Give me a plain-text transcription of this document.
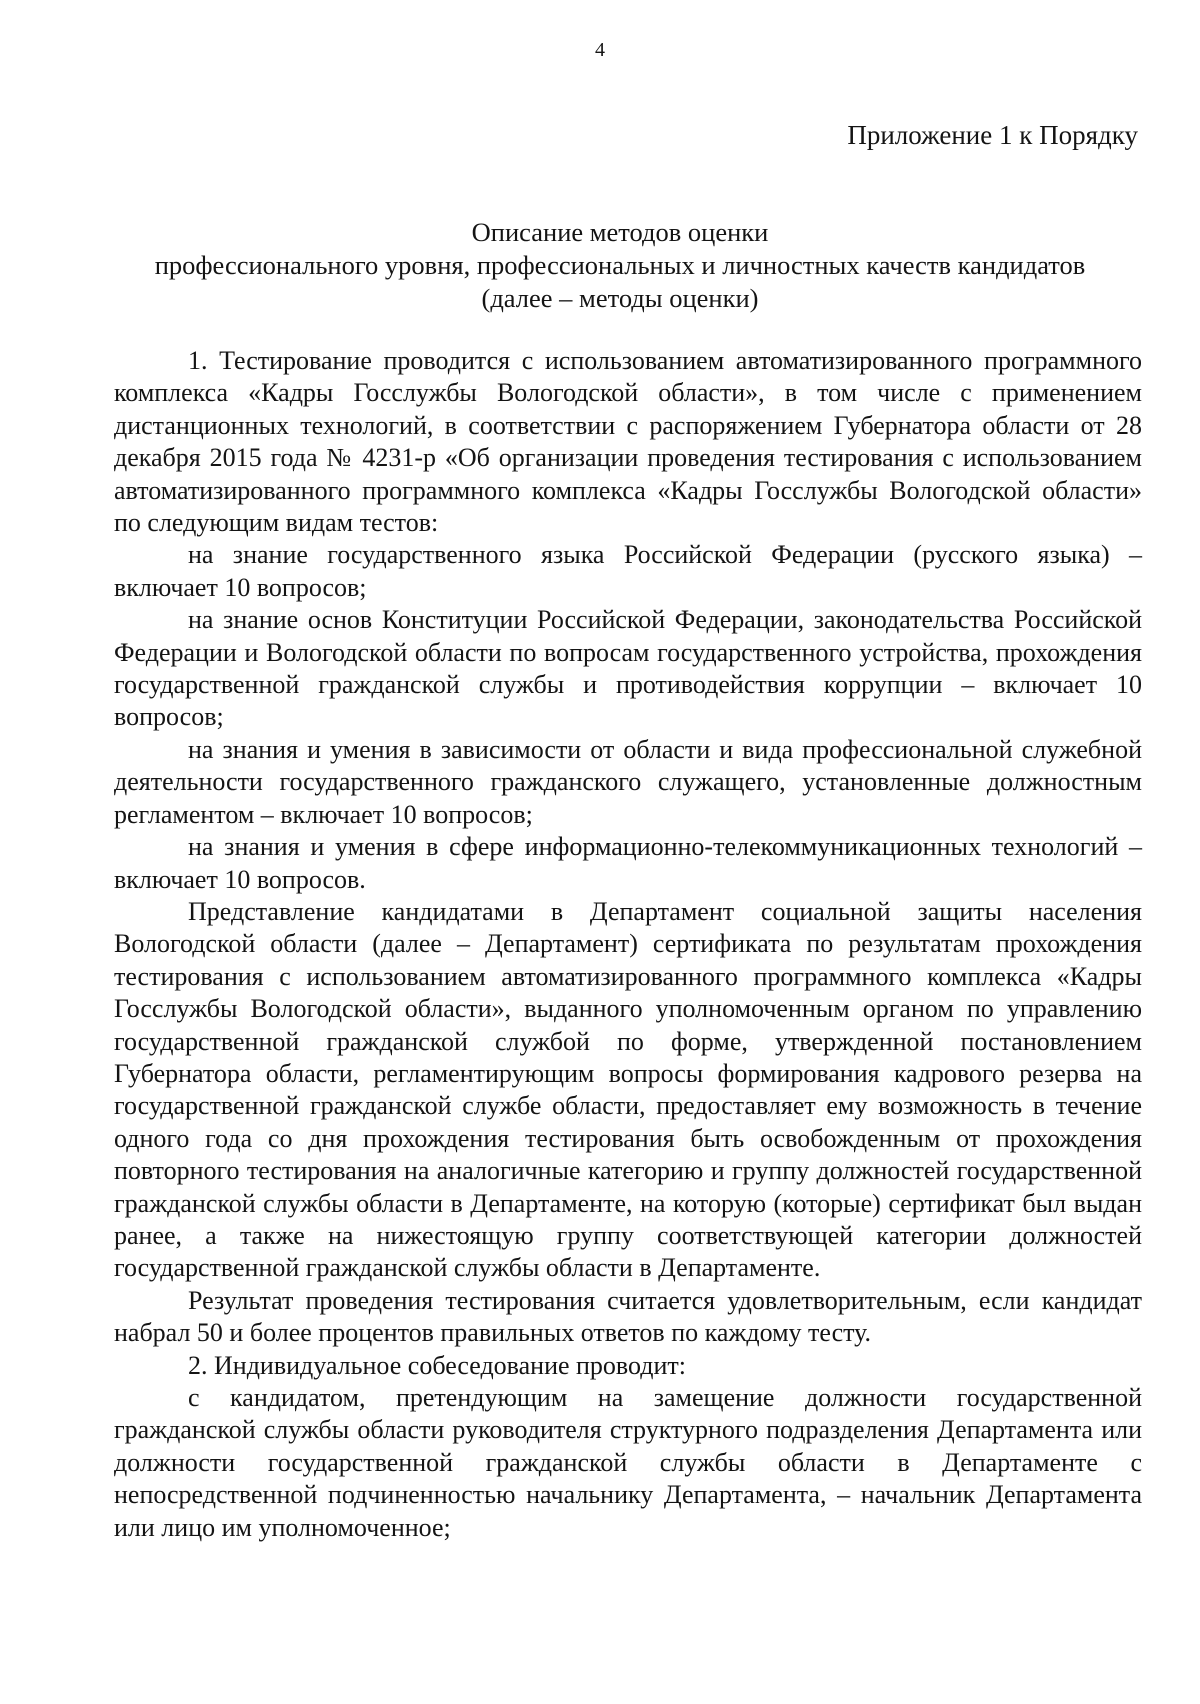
4
Приложение 1 к Порядку
Описание методов оценки
профессионального уровня, профессиональных и личностных качеств кандидатов
(далее – методы оценки)

1. Тестирование проводится с использованием автоматизированного программного комплекса «Кадры Госслужбы Вологодской области», в том числе с применением дистанционных технологий, в соответствии с распоряжением Губернатора области от 28 декабря 2015 года № 4231-р «Об организации проведения тестирования с использованием автоматизированного программного комплекса «Кадры Госслужбы Вологодской области» по следующим видам тестов:

на знание государственного языка Российской Федерации (русского языка) – включает 10 вопросов;

на знание основ Конституции Российской Федерации, законодательства Российской Федерации и Вологодской области по вопросам государственного устройства, прохождения государственной гражданской службы и противодействия коррупции – включает 10 вопросов;

на знания и умения в зависимости от области и вида профессиональной служебной деятельности государственного гражданского служащего, установленные должностным регламентом – включает 10 вопросов;

на знания и умения в сфере информационно-телекоммуникационных технологий – включает 10 вопросов.

Представление кандидатами в Департамент социальной защиты населения Вологодской области (далее – Департамент) сертификата по результатам прохождения тестирования с использованием автоматизированного программного комплекса «Кадры Госслужбы Вологодской области», выданного уполномоченным органом по управлению государственной гражданской службой по форме, утвержденной постановлением Губернатора области, регламентирующим вопросы формирования кадрового резерва на государственной гражданской службе области, предоставляет ему возможность в течение одного года со дня прохождения тестирования быть освобожденным от прохождения повторного тестирования на аналогичные категорию и группу должностей государственной гражданской службы области в Департаменте, на которую (которые) сертификат был выдан ранее, а также на нижестоящую группу соответствующей категории должностей государственной гражданской службы области в Департаменте.

Результат проведения тестирования считается удовлетворительным, если кандидат набрал 50 и более процентов правильных ответов по каждому тесту.

2. Индивидуальное собеседование проводит:

с кандидатом, претендующим на замещение должности государственной гражданской службы области руководителя структурного подразделения Департамента или должности государственной гражданской службы области в Департаменте с непосредственной подчиненностью начальнику Департамента, – начальник Департамента или лицо им уполномоченное;
